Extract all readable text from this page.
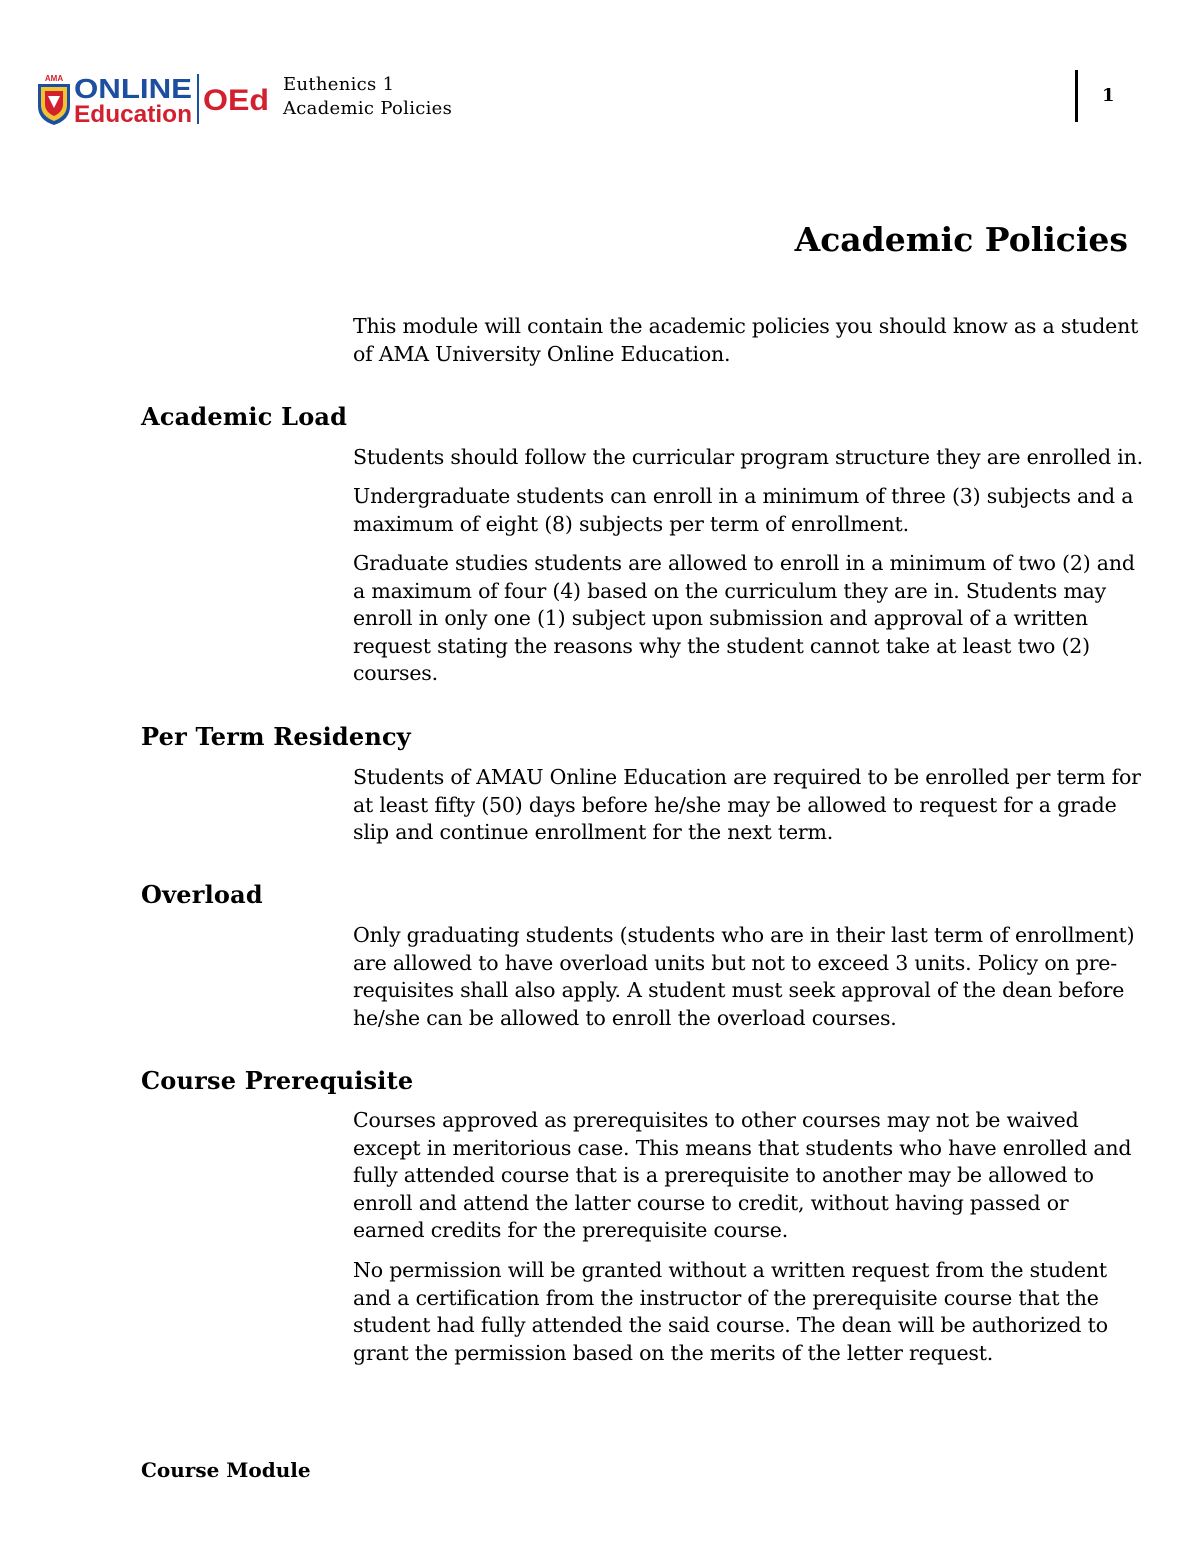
AMA ONLINE
Education OEd Euthenics 1
Academic Policies
1
Academic Policies
This module will contain the academic policies you should know as a student of AMA University Online Education.
Academic Load
Students should follow the curricular program structure they are enrolled in.
Undergraduate students can enroll in a minimum of three (3) subjects and a maximum of eight (8) subjects per term of enrollment.
Graduate studies students are allowed to enroll in a minimum of two (2) and a maximum of four (4) based on the curriculum they are in. Students may enroll in only one (1) subject upon submission and approval of a written request stating the reasons why the student cannot take at least two (2) courses.
Per Term Residency
Students of AMAU Online Education are required to be enrolled per term for at least fifty (50) days before he/she may be allowed to request for a grade slip and continue enrollment for the next term.
Overload
Only graduating students (students who are in their last term of enrollment) are allowed to have overload units but not to exceed 3 units. Policy on pre-requisites shall also apply. A student must seek approval of the dean before he/she can be allowed to enroll the overload courses.
Course Prerequisite
Courses approved as prerequisites to other courses may not be waived except in meritorious case. This means that students who have enrolled and fully attended course that is a prerequisite to another may be allowed to enroll and attend the latter course to credit, without having passed or earned credits for the prerequisite course.
No permission will be granted without a written request from the student and a certification from the instructor of the prerequisite course that the student had fully attended the said course. The dean will be authorized to grant the permission based on the merits of the letter request.
Course Module
